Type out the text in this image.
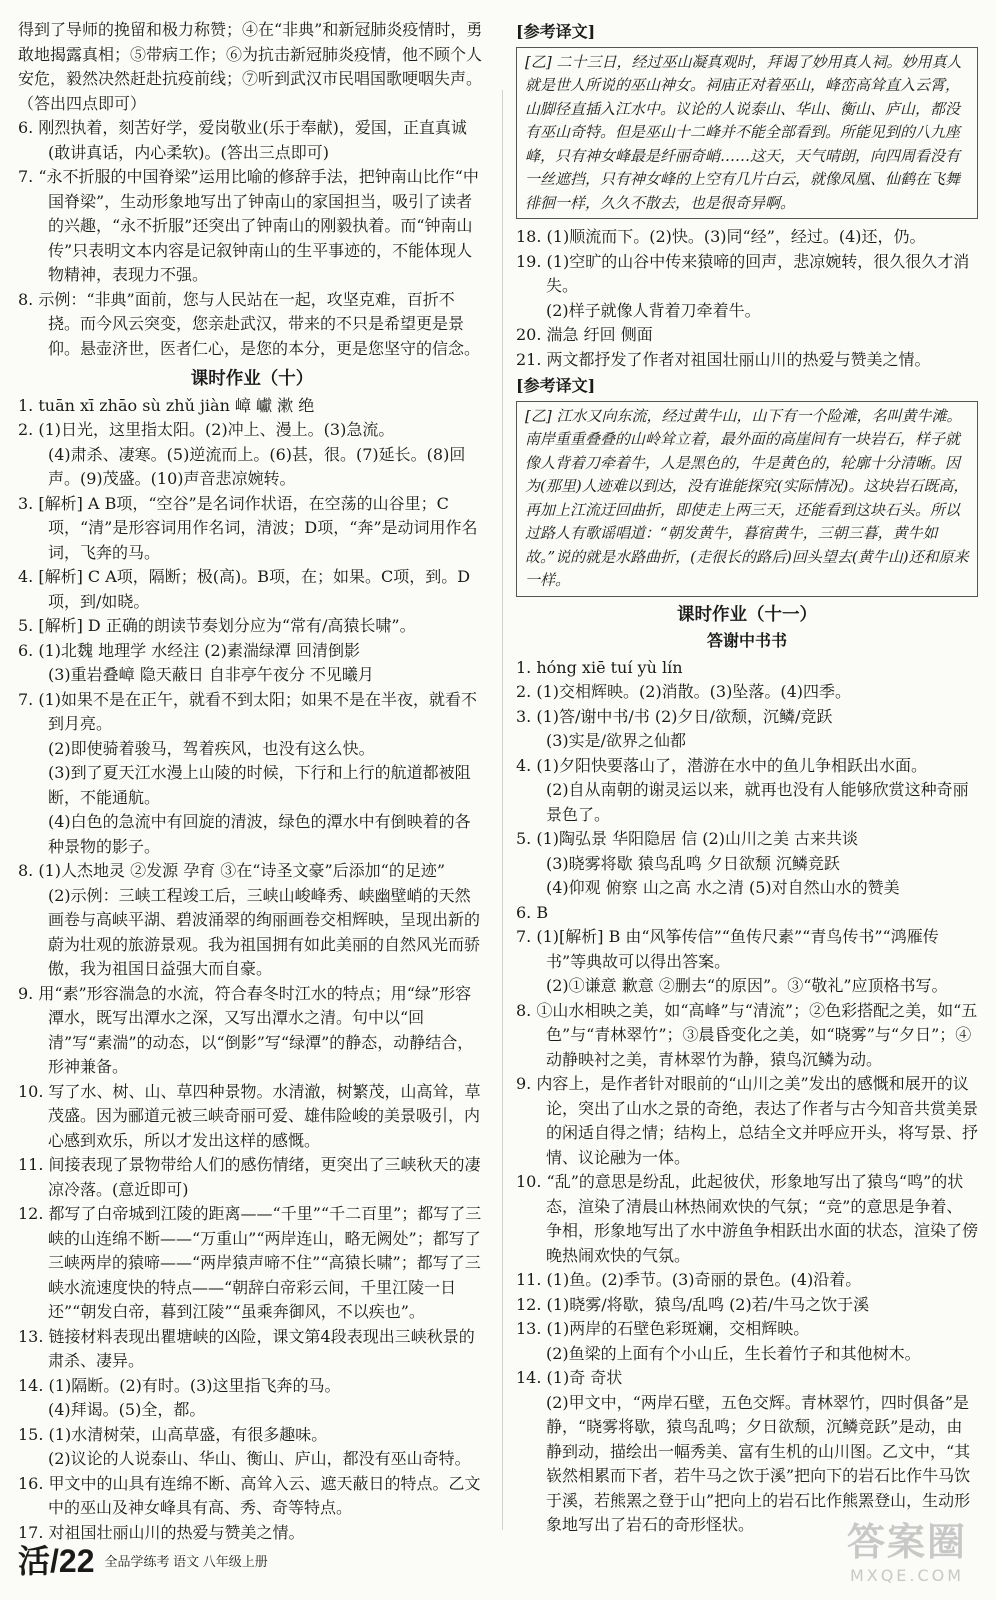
得到了导师的挽留和极力称赞；④在“非典”和新冠肺炎疫情时，勇敢地揭露真相；⑤带病工作；⑥为抗击新冠肺炎疫情，他不顾个人安危，毅然决然赶赴抗疫前线；⑦听到武汉市民唱国歌哽咽失声。（答出四点即可）

6. 刚烈执着，刻苦好学，爱岗敬业(乐于奉献)，爱国，正直真诚(敢讲真话，内心柔软)。(答出三点即可)

7. “永不折服的中国脊梁”运用比喻的修辞手法，把钟南山比作“中国脊梁”，生动形象地写出了钟南山的家国担当，吸引了读者的兴趣，“永不折服”还突出了钟南山的刚毅执着。而“钟南山传”只表明文本内容是记叙钟南山的生平事迹的，不能体现人物精神，表现力不强。

8. 示例：“非典”面前，您与人民站在一起，攻坚克难，百折不挠。而今风云突变，您亲赴武汉，带来的不只是希望更是景仰。悬壶济世，医者仁心，是您的本分，更是您坚守的信念。

课时作业（十）

1. tuān xī zhāo sù zhǔ jiàn 嶂 巘 漱 绝

2. (1)日光，这里指太阳。(2)冲上、漫上。(3)急流。

(4)肃杀、凄寒。(5)逆流而上。(6)甚，很。(7)延长。(8)回声。(9)茂盛。(10)声音悲凉婉转。

3. [解析] A B项，“空谷”是名词作状语，在空荡的山谷里；C项，“清”是形容词用作名词，清波；D项，“奔”是动词用作名词，飞奔的马。

4. [解析] C A项，隔断；极(高)。B项，在；如果。C项，到。D项，到/如晓。

5. [解析] D 正确的朗读节奏划分应为“常有/高猿长啸”。

6. (1)北魏 地理学 水经注 (2)素湍绿潭 回清倒影

(3)重岩叠嶂 隐天蔽日 自非亭午夜分 不见曦月

7. (1)如果不是在正午，就看不到太阳；如果不是在半夜，就看不到月亮。

(2)即使骑着骏马，驾着疾风，也没有这么快。

(3)到了夏天江水漫上山陵的时候，下行和上行的航道都被阻断，不能通航。

(4)白色的急流中有回旋的清波，绿色的潭水中有倒映着的各种景物的影子。

8. (1)人杰地灵 ②发源 孕育 ③在“诗圣文豪”后添加“的足迹”

(2)示例：三峡工程竣工后，三峡山峻峰秀、峡幽壁峭的天然画卷与高峡平湖、碧波涌翠的绚丽画卷交相辉映，呈现出新的蔚为壮观的旅游景观。我为祖国拥有如此美丽的自然风光而骄傲，我为祖国日益强大而自豪。

9. 用“素”形容湍急的水流，符合春冬时江水的特点；用“绿”形容潭水，既写出潭水之深，又写出潭水之清。句中以“回清”写“素湍”的动态，以“倒影”写“绿潭”的静态，动静结合，形神兼备。

10. 写了水、树、山、草四种景物。水清澈，树繁茂，山高耸，草茂盛。因为郦道元被三峡奇丽可爱、雄伟险峻的美景吸引，内心感到欢乐，所以才发出这样的感慨。

11. 间接表现了景物带给人们的感伤情绪，更突出了三峡秋天的凄凉冷落。(意近即可)

12. 都写了白帝城到江陵的距离——“千里”“千二百里”；都写了三峡的山连绵不断——“万重山”“两岸连山，略无阙处”；都写了三峡两岸的猿啼——“两岸猿声啼不住”“高猿长啸”；都写了三峡水流速度快的特点——“朝辞白帝彩云间，千里江陵一日还”“朝发白帝，暮到江陵”“虽乘奔御风，不以疾也”。

13. 链接材料表现出瞿塘峡的凶险，课文第4段表现出三峡秋景的肃杀、凄异。

14. (1)隔断。(2)有时。(3)这里指飞奔的马。

(4)拜谒。(5)全，都。

15. (1)水清树荣，山高草盛，有很多趣味。

(2)议论的人说泰山、华山、衡山、庐山，都没有巫山奇特。

16. 甲文中的山具有连绵不断、高耸入云、遮天蔽日的特点。乙文中的巫山及神女峰具有高、秀、奇等特点。

17. 对祖国壮丽山川的热爱与赞美之情。

[参考译文]

[乙] 二十三日，经过巫山凝真观时，拜谒了妙用真人祠。妙用真人就是世人所说的巫山神女。祠庙正对着巫山，峰峦高耸直入云霄，山脚径直插入江水中。议论的人说泰山、华山、衡山、庐山，都没有巫山奇特。但是巫山十二峰并不能全部看到。所能见到的八九座峰，只有神女峰最是纤丽奇峭……这天，天气晴朗，向四周看没有一丝遮挡，只有神女峰的上空有几片白云，就像凤凰、仙鹤在飞舞徘徊一样，久久不散去，也是很奇异啊。

18. (1)顺流而下。(2)快。(3)同“经”，经过。(4)还，仍。

19. (1)空旷的山谷中传来猿啼的回声，悲凉婉转，很久很久才消失。

(2)样子就像人背着刀牵着牛。

20. 湍急 纡回 侧面

21. 两文都抒发了作者对祖国壮丽山川的热爱与赞美之情。

[参考译文]

[乙] 江水又向东流，经过黄牛山，山下有一个险滩，名叫黄牛滩。南岸重重叠叠的山岭耸立着，最外面的高崖间有一块岩石，样子就像人背着刀牵着牛，人是黑色的，牛是黄色的，轮廓十分清晰。因为(那里)人迹难以到达，没有谁能探究(实际情况)。这块岩石既高，再加上江流迂回曲折，即使走上两三天，还能看到这块石头。所以过路人有歌谣唱道：“朝发黄牛，暮宿黄牛，三朝三暮，黄牛如故。”说的就是水路曲折，(走很长的路后)回头望去(黄牛山)还和原来一样。

课时作业（十一）

答谢中书书

1. hóng xiē tuí yù lín

2. (1)交相辉映。(2)消散。(3)坠落。(4)四季。

3. (1)答/谢中书/书 (2)夕日/欲颓，沉鳞/竞跃

(3)实是/欲界之仙都

4. (1)夕阳快要落山了，潜游在水中的鱼儿争相跃出水面。

(2)自从南朝的谢灵运以来，就再也没有人能够欣赏这种奇丽景色了。

5. (1)陶弘景 华阳隐居 信 (2)山川之美 古来共谈

(3)晓雾将歇 猿鸟乱鸣 夕日欲颓 沉鳞竞跃

(4)仰观 俯察 山之高 水之清 (5)对自然山水的赞美

6. B

7. (1)[解析] B 由“风筝传信”“鱼传尺素”“青鸟传书”“鸿雁传书”等典故可以得出答案。

(2)①谦意 歉意 ②删去“的原因”。③“敬礼”应顶格书写。

8. ①山水相映之美，如“高峰”与“清流”；②色彩搭配之美，如“五色”与“青林翠竹”；③晨昏变化之美，如“晓雾”与“夕日”；④动静映衬之美，青林翠竹为静，猿鸟沉鳞为动。

9. 内容上，是作者针对眼前的“山川之美”发出的感慨和展开的议论，突出了山水之景的奇绝，表达了作者与古今知音共赏美景的闲适自得之情；结构上，总结全文并呼应开头，将写景、抒情、议论融为一体。

10. “乱”的意思是纷乱，此起彼伏，形象地写出了猿鸟“鸣”的状态，渲染了清晨山林热闹欢快的气氛；“竞”的意思是争着、争相，形象地写出了水中游鱼争相跃出水面的状态，渲染了傍晚热闹欢快的气氛。

11. (1)鱼。(2)季节。(3)奇丽的景色。(4)沿着。

12. (1)晓雾/将歇，猿鸟/乱鸣 (2)若/牛马之饮于溪

13. (1)两岸的石壁色彩斑斓，交相辉映。

(2)鱼梁的上面有个小山丘，生长着竹子和其他树木。

14. (1)奇 奇状

(2)甲文中，“两岸石壁，五色交辉。青林翠竹，四时俱备”是静，“晓雾将歇，猿鸟乱鸣；夕日欲颓，沉鳞竞跃”是动，由静到动，描绘出一幅秀美、富有生机的山川图。乙文中，“其嵚然相累而下者，若牛马之饮于溪”把向下的岩石比作牛马饮于溪，若熊罴之登于山”把向上的岩石比作熊罴登山，生动形象地写出了岩石的奇形怪状。

活/22 全品学练考 语文 八年级上册	答案圈
MXQE.COM
